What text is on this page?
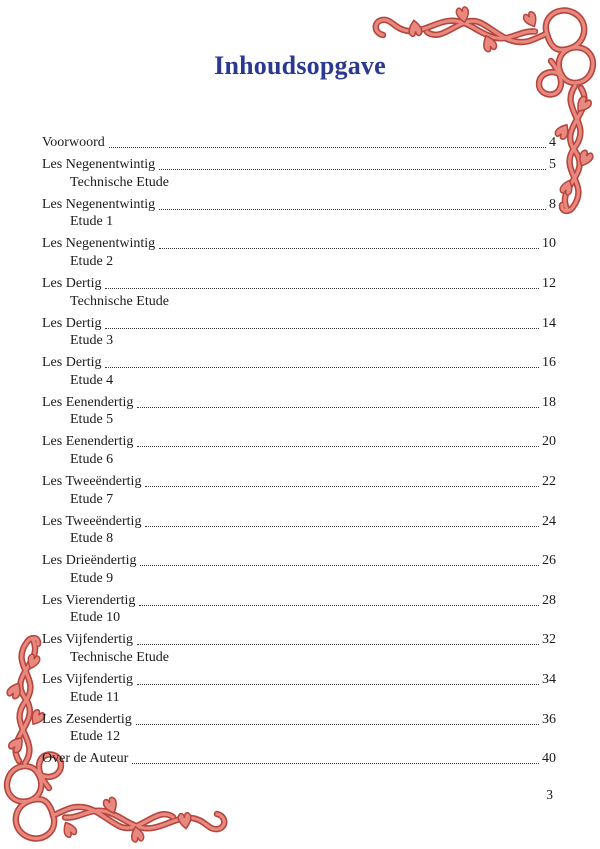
Inhoudsopgave
Voorwoord	4
Les Negenentwintig	5
Technische Etude
Les Negenentwintig	8
Etude 1
Les Negenentwintig	10
Etude 2
Les Dertig	12
Technische Etude
Les Dertig	14
Etude 3
Les Dertig	16
Etude 4
Les Eenendertig	18
Etude 5
Les Eenendertig	20
Etude 6
Les Tweeëndertig	22
Etude 7
Les Tweeëndertig	24
Etude 8
Les Drieëndertig	26
Etude 9
Les Vierendertig	28
Etude 10
Les Vijfendertig	32
Technische Etude
Les Vijfendertig	34
Etude 11
Les Zesendertig	36
Etude 12
Over de Auteur	40
3
